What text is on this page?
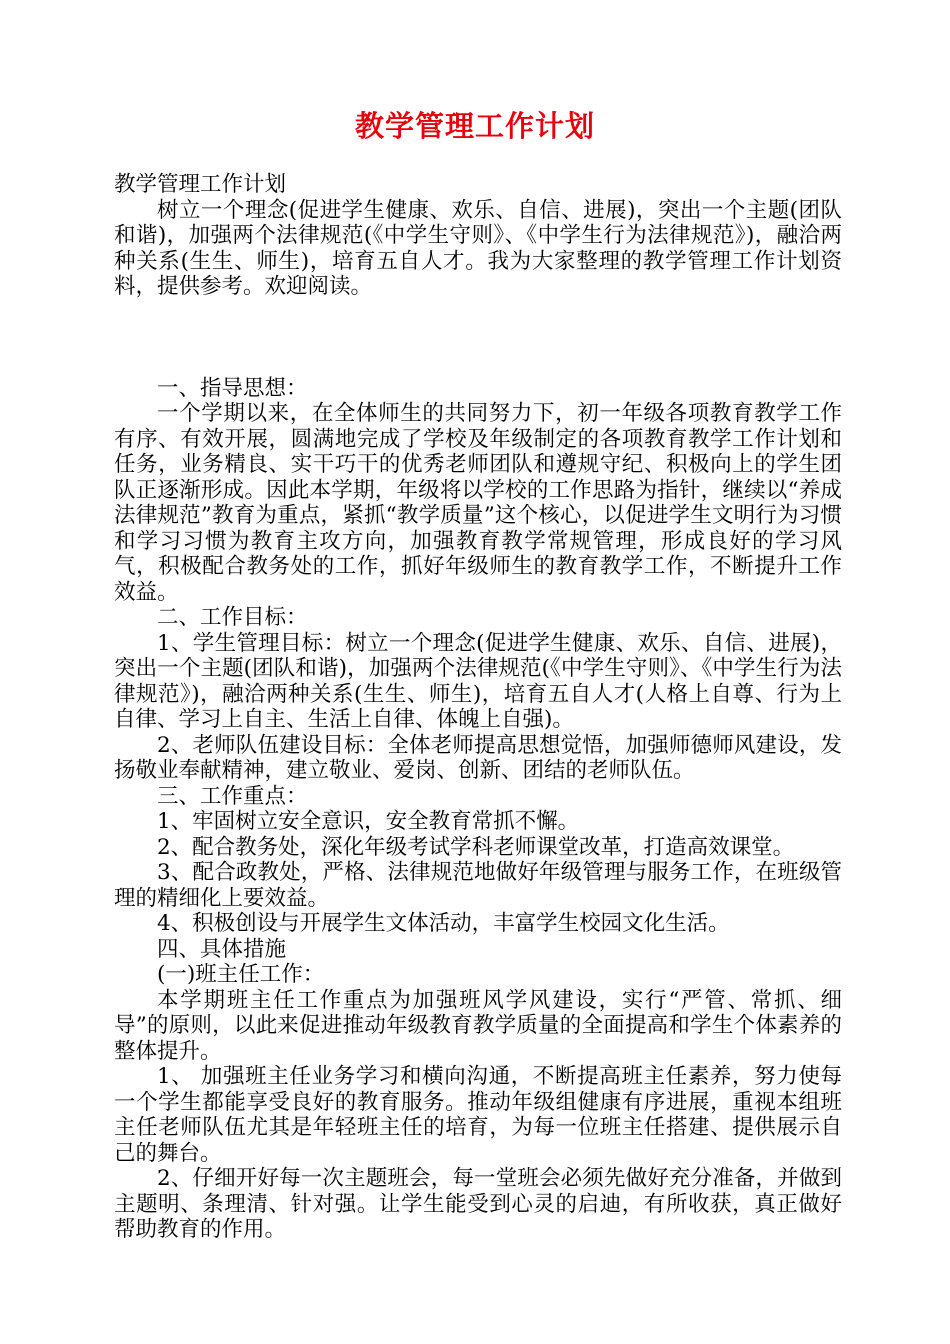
教学管理工作计划

教学管理工作计划

树立一个理念(促进学生健康、欢乐、自信、进展)，突出一个主题(团队和谐)，加强两个法律规范(《中学生守则》、《中学生行为法律规范》)，融洽两种关系(生生、师生)，培育五自人才。我为大家整理的教学管理工作计划资料，提供参考。欢迎阅读。

一、指导思想：

一个学期以来，在全体师生的共同努力下，初一年级各项教育教学工作有序、有效开展，圆满地完成了学校及年级制定的各项教育教学工作计划和任务，业务精良、实干巧干的优秀老师团队和遵规守纪、积极向上的学生团队正逐渐形成。因此本学期，年级将以学校的工作思路为指针，继续以“养成法律规范”教育为重点，紧抓“教学质量”这个核心，以促进学生文明行为习惯和学习习惯为教育主攻方向，加强教育教学常规管理，形成良好的学习风气，积极配合教务处的工作，抓好年级师生的教育教学工作，不断提升工作效益。

二、工作目标：

1、学生管理目标：树立一个理念(促进学生健康、欢乐、自信、进展)，突出一个主题(团队和谐)，加强两个法律规范(《中学生守则》、《中学生行为法律规范》)，融洽两种关系(生生、师生)，培育五自人才(人格上自尊、行为上自律、学习上自主、生活上自律、体魄上自强)。

2、老师队伍建设目标：全体老师提高思想觉悟，加强师德师风建设，发扬敬业奉献精神，建立敬业、爱岗、创新、团结的老师队伍。

三、工作重点：

1、牢固树立安全意识，安全教育常抓不懈。

2、配合教务处，深化年级考试学科老师课堂改革，打造高效课堂。

3、配合政教处，严格、法律规范地做好年级管理与服务工作，在班级管理的精细化上要效益。

4、积极创设与开展学生文体活动，丰富学生校园文化生活。

四、具体措施

(一)班主任工作：

本学期班主任工作重点为加强班风学风建设，实行“严管、常抓、细导”的原则，以此来促进推动年级教育教学质量的全面提高和学生个体素养的整体提升。

1、 加强班主任业务学习和横向沟通，不断提高班主任素养，努力使每一个学生都能享受良好的教育服务。推动年级组健康有序进展，重视本组班主任老师队伍尤其是年轻班主任的培育，为每一位班主任搭建、提供展示自己的舞台。

2、仔细开好每一次主题班会，每一堂班会必须先做好充分准备，并做到主题明、条理清、针对强。让学生能受到心灵的启迪，有所收获，真正做好帮助教育的作用。
